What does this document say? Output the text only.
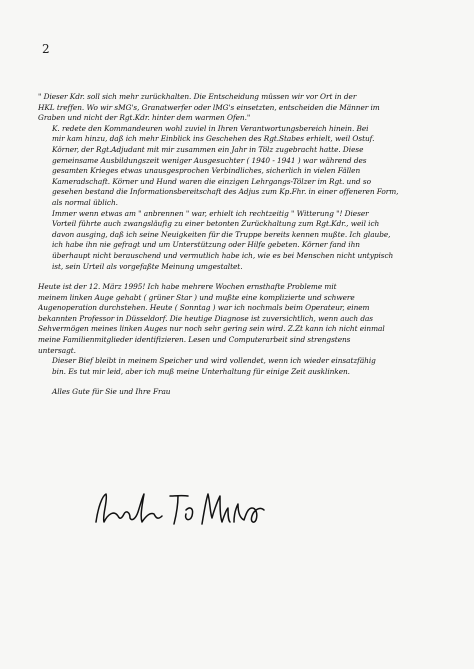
2

" Dieser Kdr. soll sich mehr zurückhalten. Die Entscheidung müssen wir vor Ort in der
HKL treffen. Wo wir sMG's, Granatwerfer oder lMG's einsetzten, entscheiden die Männer im
Graben und nicht der Rgt.Kdr. hinter dem warmen Ofen."

K. redete den Kommandeuren wohl zuviel in Ihren Verantwortungsbereich hinein. Bei
mir kam hinzu, daß ich mehr Einblick ins Geschehen des Rgt.Stabes erhielt, weil Ostuf.
Körner, der Rgt.Adjudant mit mir zusammen ein Jahr in Tölz zugebracht hatte. Diese
gemeinsame Ausbildungszeit weniger Ausgesuchter ( 1940 - 1941 ) war während des
gesamten Krieges etwas unausgesprochen Verbindliches, sicherlich in vielen Fällen
Kameradschaft. Körner und Hund waren die einzigen Lehrgangs-Tölzer im Rgt. und so
gesehen bestand die Informationsbereitschaft des Adjus zum Kp.Fhr. in einer offeneren Form,
als normal üblich.

Immer wenn etwas am " anbrennen " war, erhielt ich rechtzeitig " Witterung "! Dieser
Vorteil führte auch zwangsläufig zu einer betonten Zurückhaltung zum Rgt.Kdr., weil ich
davon ausging, daß ich seine Neuigkeiten für die Truppe bereits kennen mußte. Ich glaube,
ich habe ihn nie gefragt und um Unterstützung oder Hilfe gebeten. Körner fand ihn
überhaupt nicht berauschend und vermutlich habe ich, wie es bei Menschen nicht untypisch
ist, sein Urteil als vorgefaßte Meinung umgestaltet.

Heute ist der 12. März 1995! Ich habe mehrere Wochen ernsthafte Probleme mit
meinem linken Auge gehabt ( grüner Star ) und mußte eine komplizierte und schwere
Augenoperation durchstehen. Heute ( Sonntag ) war ich nochmals beim Operateur, einem
bekannten Professor in Düsseldorf. Die heutige Diagnose ist zuversichtlich, wenn auch das
Sehvermögen meines linken Auges nur noch sehr gering sein wird. Z.Zt kann ich nicht einmal
meine Familienmitglieder identifizieren. Lesen und Computerarbeit sind strengstens
untersagt.

Dieser Bief bleibt in meinem Speicher und wird vollendet, wenn ich wieder einsatzfähig
bin. Es tut mir leid, aber ich muß meine Unterhaltung für einige Zeit ausklinken.

Alles Gute für Sie und Ihre Frau
